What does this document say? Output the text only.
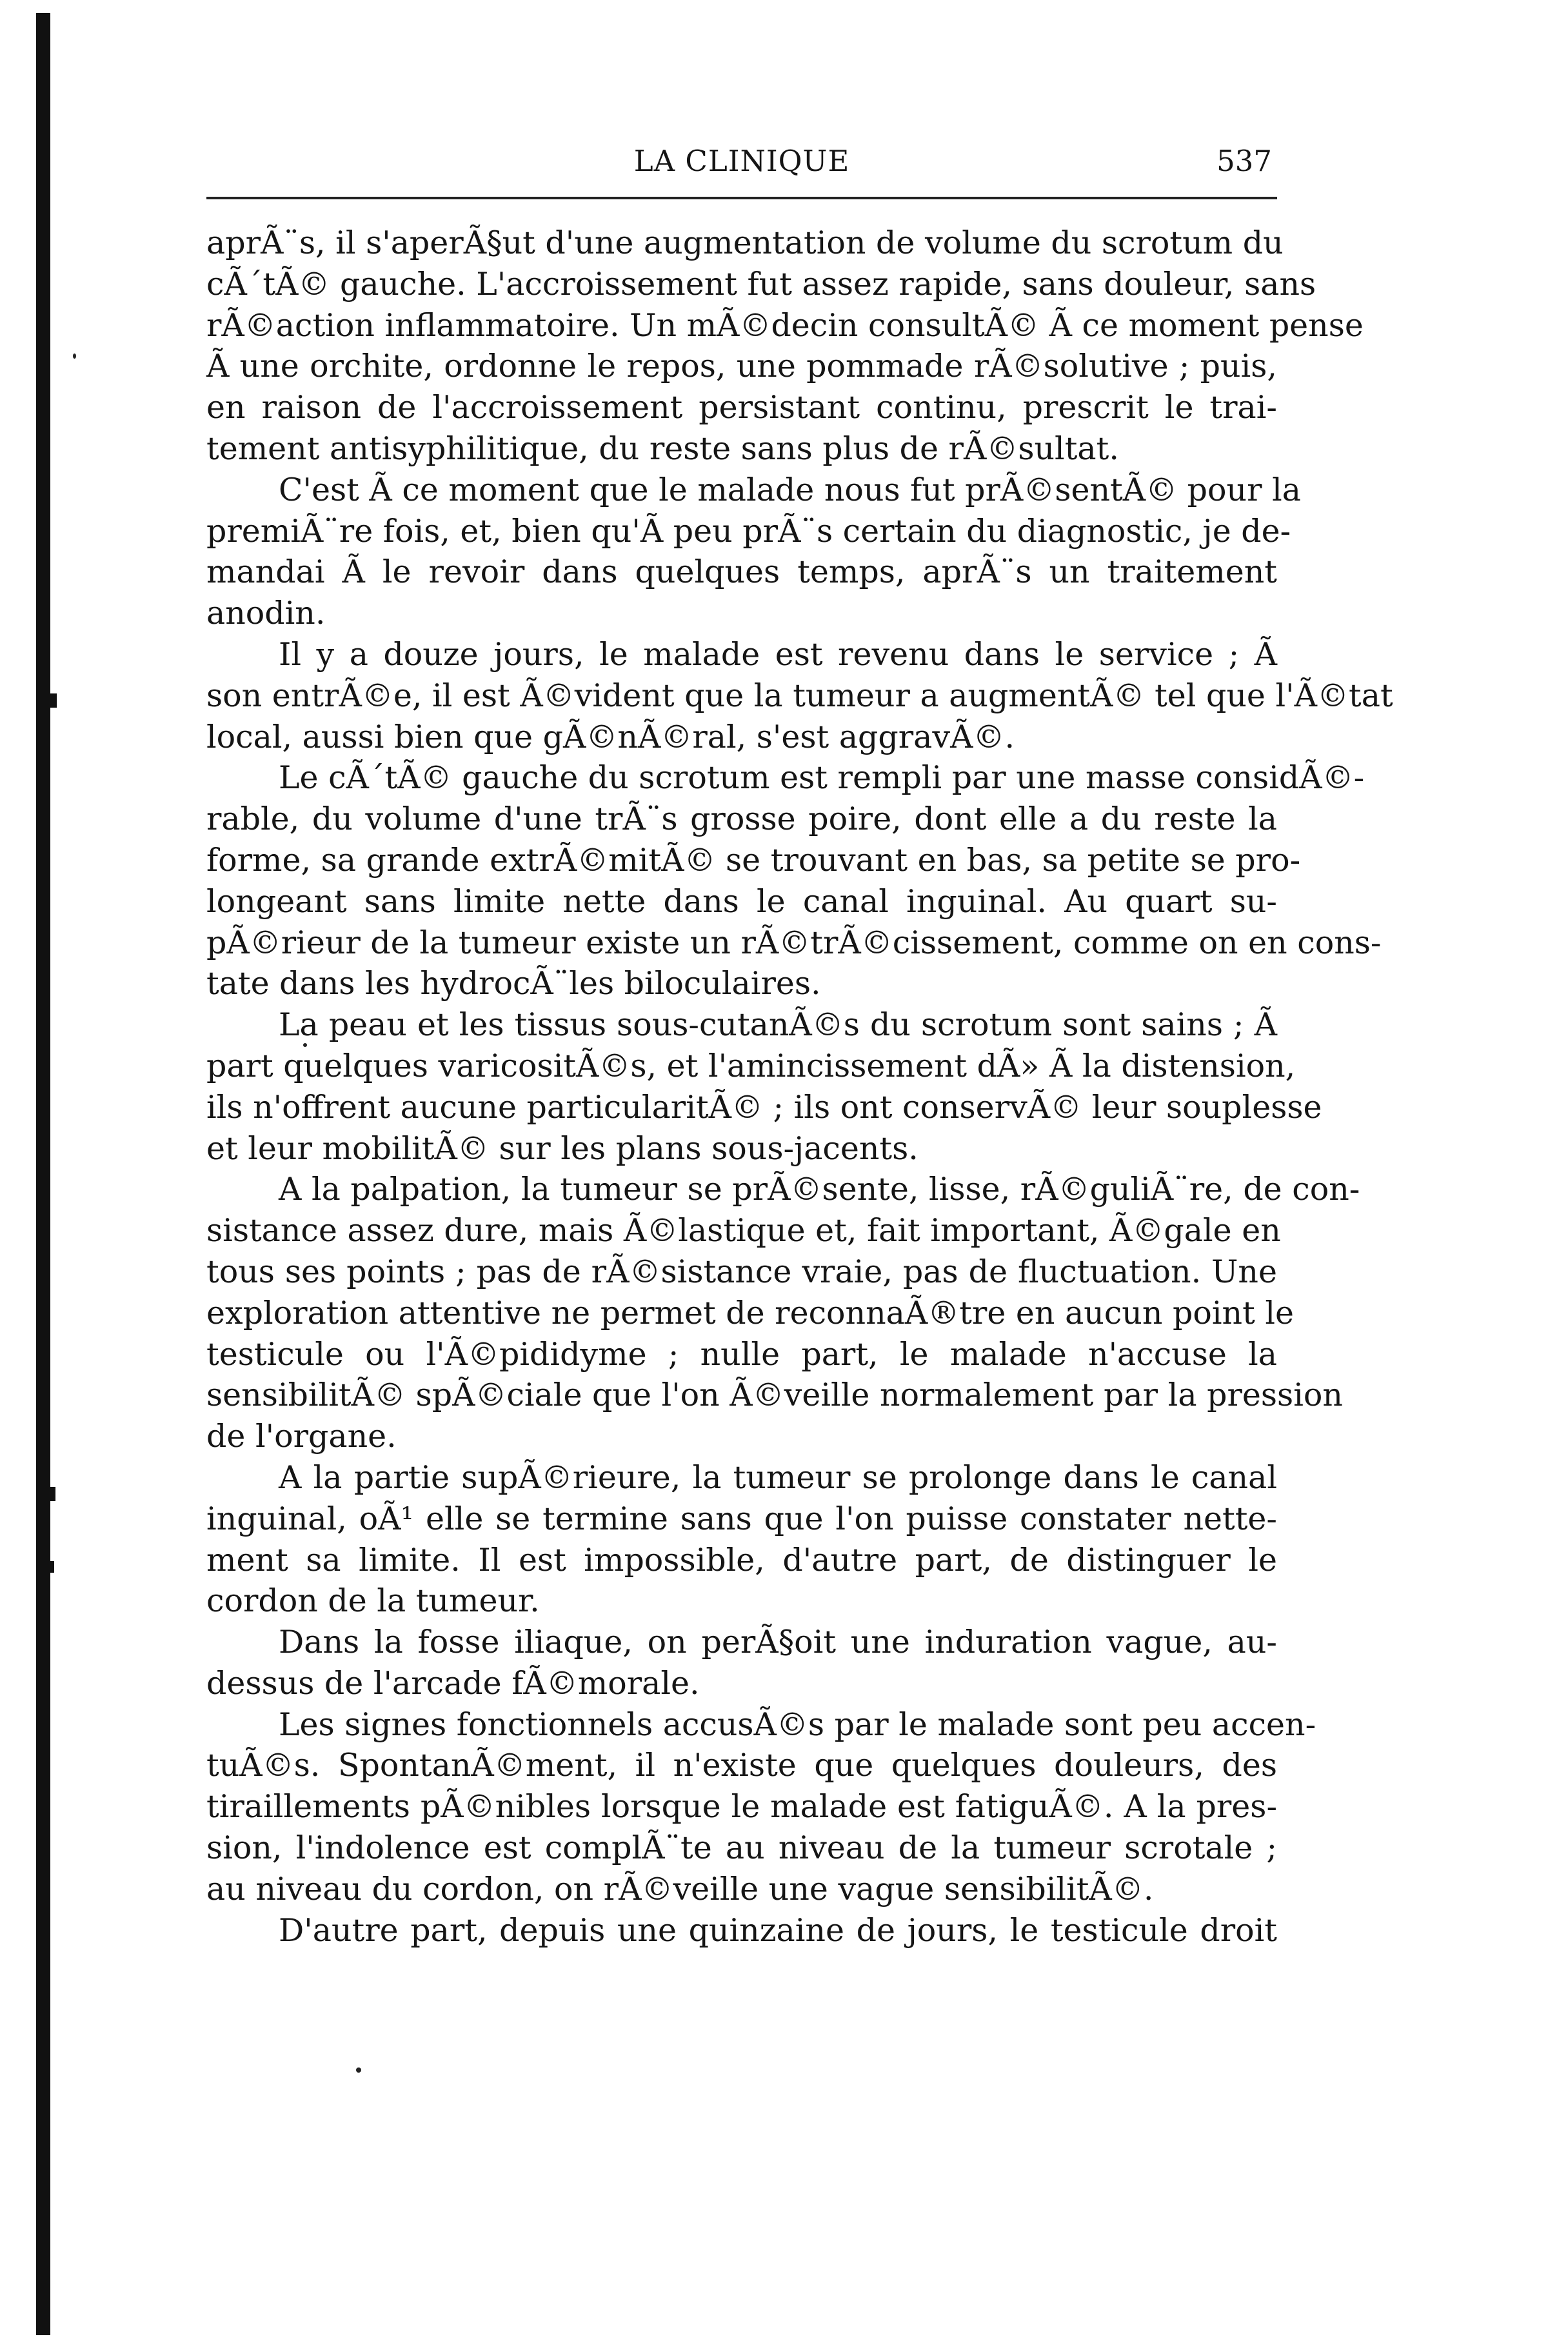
LA CLINIQUE	537
aprÃ¨s, il s'aperÃ§ut d'une augmentation de volume du scrotum du
cÃ´tÃ© gauche. L'accroissement fut assez rapide, sans douleur, sans
rÃ©action inflammatoire. Un mÃ©decin consultÃ© Ã ce moment pense
Ã une orchite, ordonne le repos, une pommade rÃ©solutive ; puis,
en raison de l'accroissement persistant continu, prescrit le trai-
tement antisyphilitique, du reste sans plus de rÃ©sultat.
C'est Ã ce moment que le malade nous fut prÃ©sentÃ© pour la
premiÃ¨re fois, et, bien qu'Ã peu prÃ¨s certain du diagnostic, je de-
mandai Ã le revoir dans quelques temps, aprÃ¨s un traitement
anodin.
Il y a douze jours, le malade est revenu dans le service ; Ã
son entrÃ©e, il est Ã©vident que la tumeur a augmentÃ© tel que l'Ã©tat
local, aussi bien que gÃ©nÃ©ral, s'est aggravÃ©.
Le cÃ´tÃ© gauche du scrotum est rempli par une masse considÃ©-
rable, du volume d'une trÃ¨s grosse poire, dont elle a du reste la
forme, sa grande extrÃ©mitÃ© se trouvant en bas, sa petite se pro-
longeant sans limite nette dans le canal inguinal. Au quart su-
pÃ©rieur de la tumeur existe un rÃ©trÃ©cissement, comme on en cons-
tate dans les hydrocÃ¨les biloculaires.
La peau et les tissus sous-cutanÃ©s du scrotum sont sains ; Ã
part quelques varicositÃ©s, et l'amincissement dÃ» Ã la distension,
ils n'offrent aucune particularitÃ© ; ils ont conservÃ© leur souplesse
et leur mobilitÃ© sur les plans sous-jacents.
A la palpation, la tumeur se prÃ©sente, lisse, rÃ©guliÃ¨re, de con-
sistance assez dure, mais Ã©lastique et, fait important, Ã©gale en
tous ses points ; pas de rÃ©sistance vraie, pas de fluctuation. Une
exploration attentive ne permet de reconnaÃ®tre en aucun point le
testicule ou l'Ã©pididyme ; nulle part, le malade n'accuse la
sensibilitÃ© spÃ©ciale que l'on Ã©veille normalement par la pression
de l'organe.
A la partie supÃ©rieure, la tumeur se prolonge dans le canal
inguinal, oÃ¹ elle se termine sans que l'on puisse constater nette-
ment sa limite. Il est impossible, d'autre part, de distinguer le
cordon de la tumeur.
Dans la fosse iliaque, on perÃ§oit une induration vague, au-
dessus de l'arcade fÃ©morale.
Les signes fonctionnels accusÃ©s par le malade sont peu accen-
tuÃ©s. SpontanÃ©ment, il n'existe que quelques douleurs, des
tiraillements pÃ©nibles lorsque le malade est fatiguÃ©. A la pres-
sion, l'indolence est complÃ¨te au niveau de la tumeur scrotale ;
au niveau du cordon, on rÃ©veille une vague sensibilitÃ©.
D'autre part, depuis une quinzaine de jours, le testicule droit
